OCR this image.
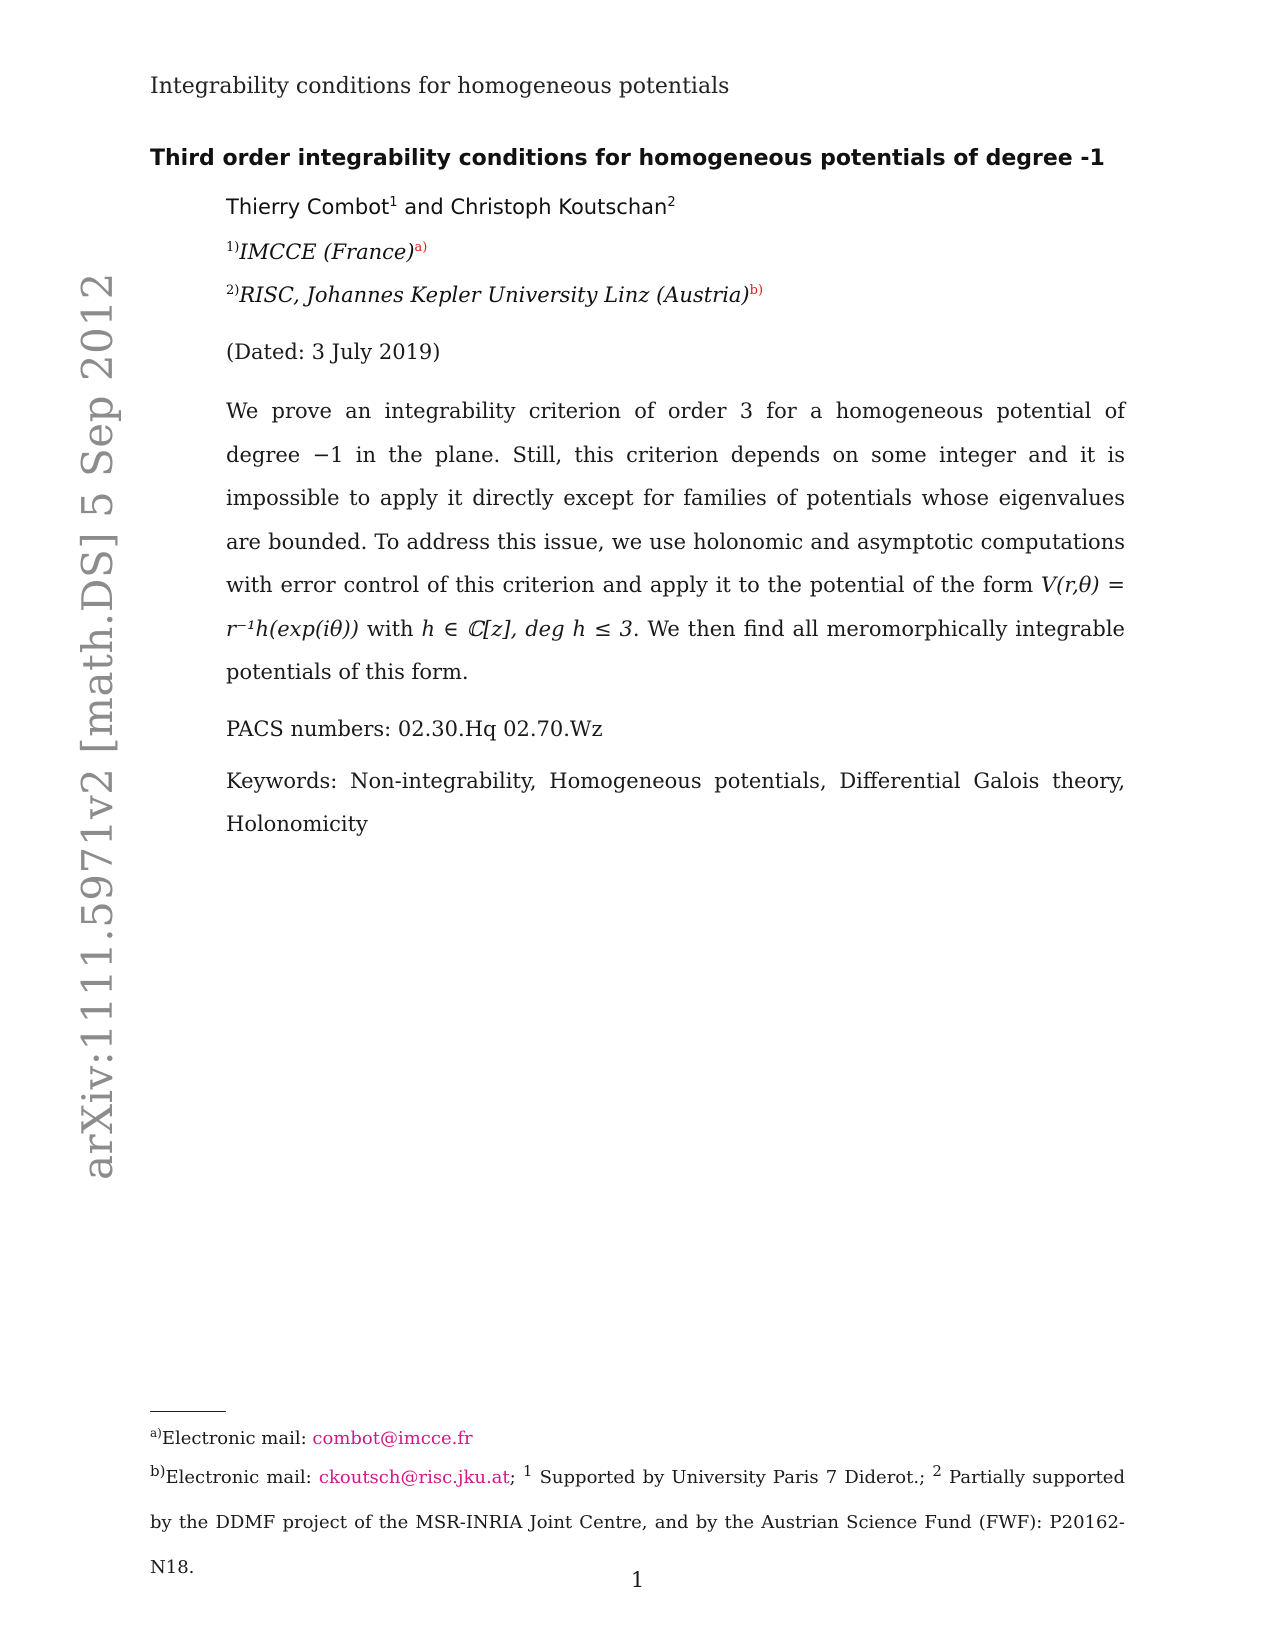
Integrability conditions for homogeneous potentials
Third order integrability conditions for homogeneous potentials of degree -1
Thierry Combot$^1$ and Christoph Koutschan$^2$
$^{1)}$IMCCE (France)$^{a)}$
$^{2)}$RISC, Johannes Kepler University Linz (Austria)$^{b)}$
(Dated: 3 July 2019)
We prove an integrability criterion of order 3 for a homogeneous potential of degree −1 in the plane. Still, this criterion depends on some integer and it is impossible to apply it directly except for families of potentials whose eigenvalues are bounded. To address this issue, we use holonomic and asymptotic computations with error control of this criterion and apply it to the potential of the form V(r,θ) = r⁻¹h(exp(iθ)) with h ∈ ℂ[z], deg h ≤ 3. We then find all meromorphically integrable potentials of this form.
PACS numbers: 02.30.Hq 02.70.Wz
Keywords: Non-integrability, Homogeneous potentials, Differential Galois theory, Holonomicity
arXiv:1111.5971v2 [math.DS] 5 Sep 2012
$^{a)}$Electronic mail: combot@imcce.fr
$^{b)}$Electronic mail: ckoutsch@risc.jku.at; $^1$ Supported by University Paris 7 Diderot.; $^2$ Partially supported by the DDMF project of the MSR-INRIA Joint Centre, and by the Austrian Science Fund (FWF): P20162-N18.
1
